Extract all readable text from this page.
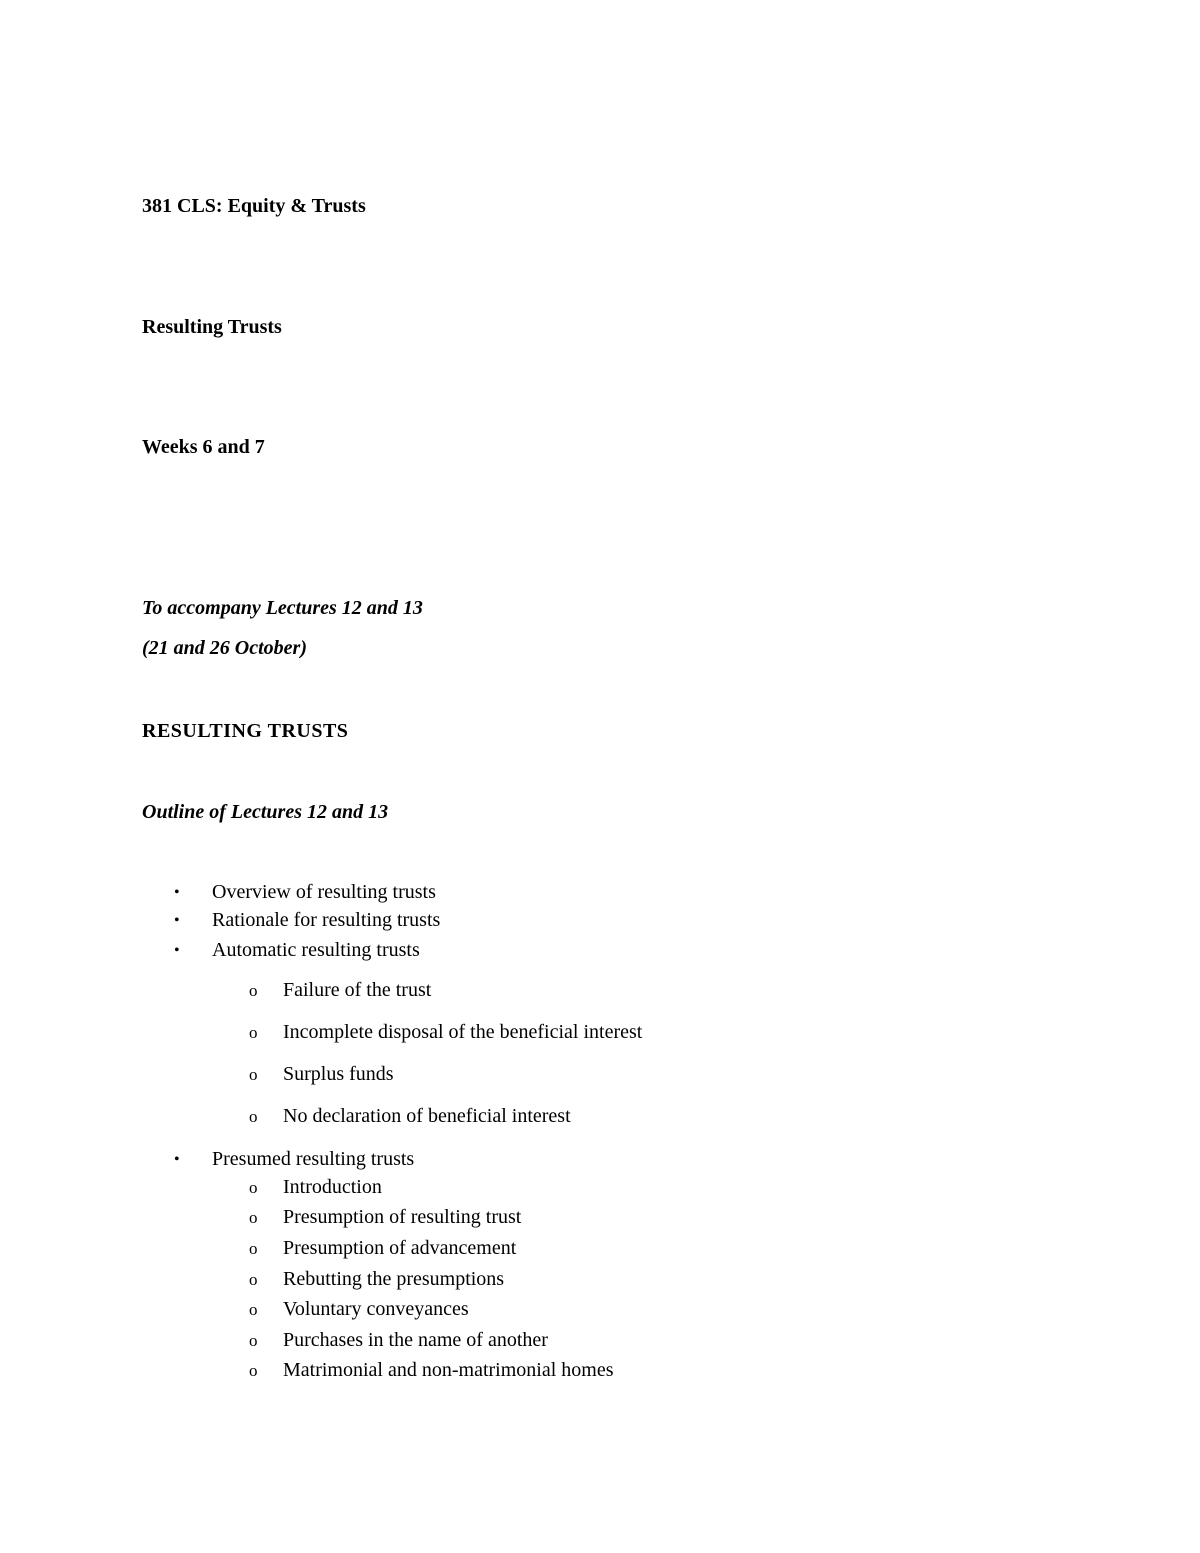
381 CLS: Equity & Trusts
Resulting Trusts
Weeks 6 and 7
To accompany Lectures 12 and 13
(21 and 26 October)
RESULTING TRUSTS
Outline of Lectures 12 and 13
• Overview of resulting trusts
• Rationale for resulting trusts
• Automatic resulting trusts
o Failure of the trust
o Incomplete disposal of the beneficial interest
o Surplus funds
o No declaration of beneficial interest
• Presumed resulting trusts
o Introduction
o Presumption of resulting trust
o Presumption of advancement
o Rebutting the presumptions
o Voluntary conveyances
o Purchases in the name of another
o Matrimonial and non-matrimonial homes
